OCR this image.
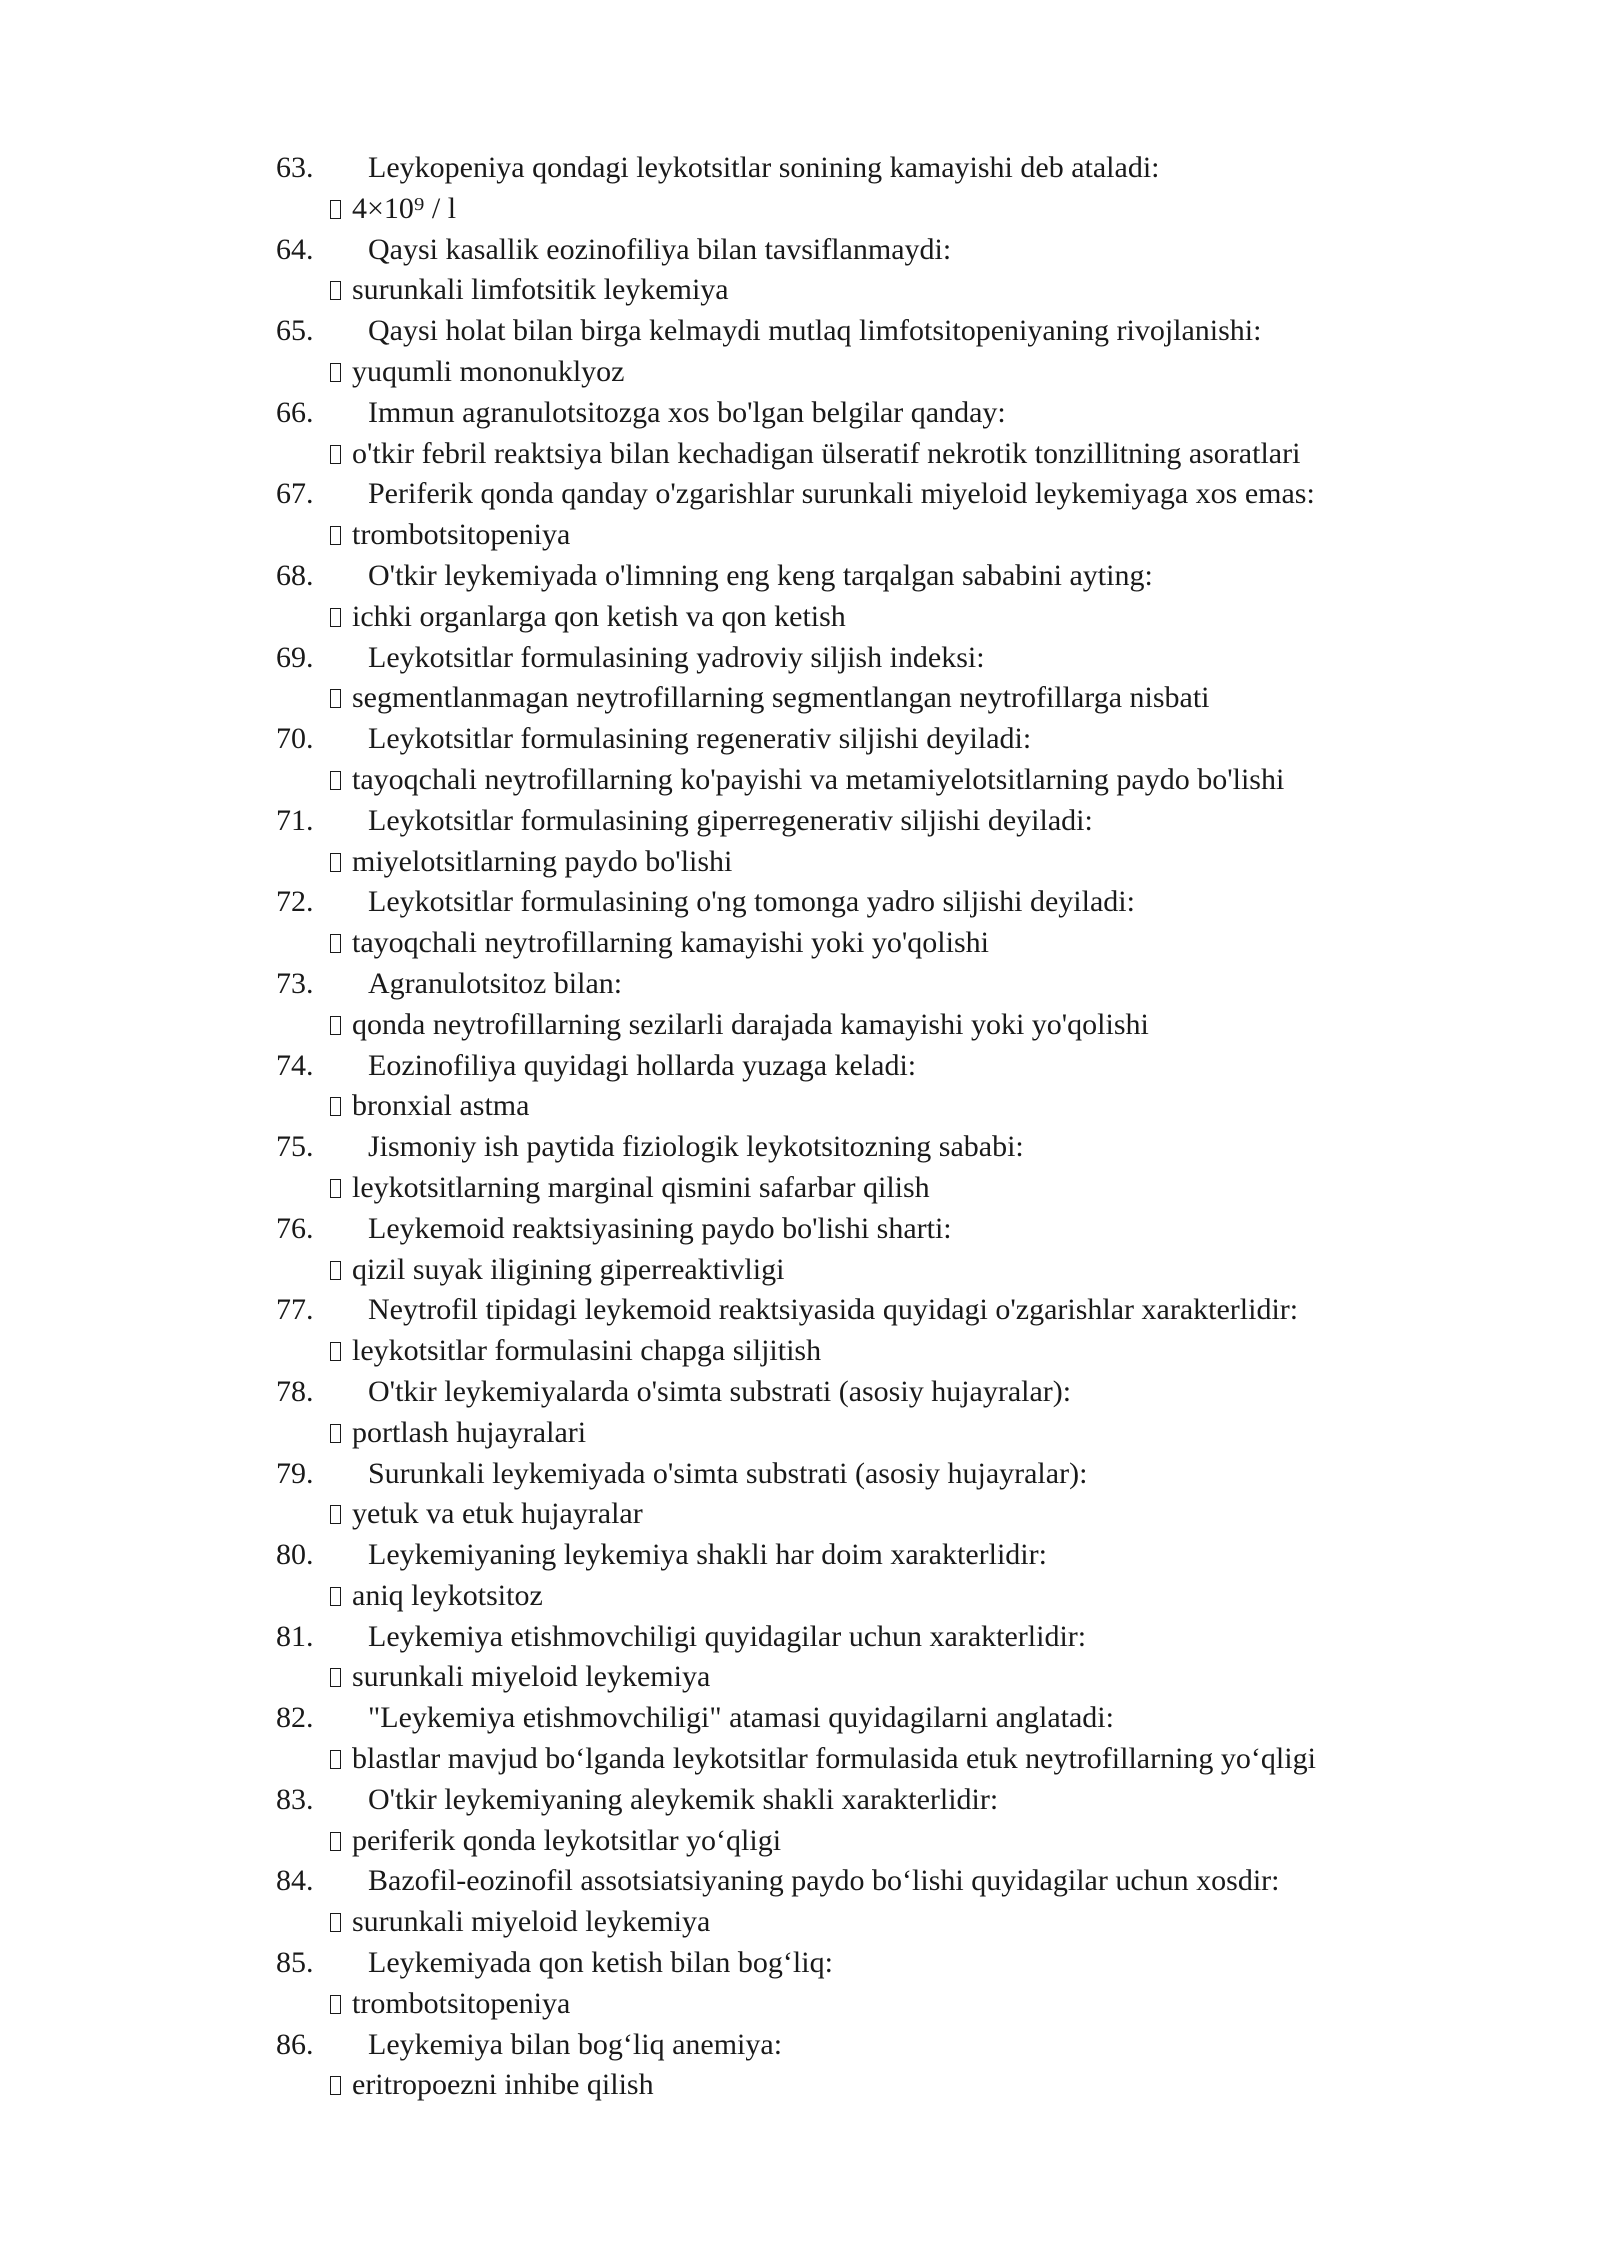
63.	Leykopeniya qondagi leykotsitlar sonining kamayishi deb ataladi:
4×10⁹ / l
64.	Qaysi kasallik eozinofiliya bilan tavsiflanmaydi:
surunkali limfotsitik leykemiya
65.	Qaysi holat bilan birga kelmaydi mutlaq limfotsitopeniyaning rivojlanishi:
yuqumli mononuklyoz
66.	Immun agranulotsitozga xos bo'lgan belgilar qanday:
o'tkir febril reaktsiya bilan kechadigan ülseratif nekrotik tonzillitning asoratlari
67.	Periferik qonda qanday o'zgarishlar surunkali miyeloid leykemiyaga xos emas:
trombotsitopeniya
68.	O'tkir leykemiyada o'limning eng keng tarqalgan sababini ayting:
ichki organlarga qon ketish va qon ketish
69.	Leykotsitlar formulasining yadroviy siljish indeksi:
segmentlanmagan neytrofillarning segmentlangan neytrofillarga nisbati
70.	Leykotsitlar formulasining regenerativ siljishi deyiladi:
tayoqchali neytrofillarning ko'payishi va metamiyelotsitlarning paydo bo'lishi
71.	Leykotsitlar formulasining giperregenerativ siljishi deyiladi:
miyelotsitlarning paydo bo'lishi
72.	Leykotsitlar formulasining o'ng tomonga yadro siljishi deyiladi:
tayoqchali neytrofillarning kamayishi yoki yo'qolishi
73.	Agranulotsitoz bilan:
qonda neytrofillarning sezilarli darajada kamayishi yoki yo'qolishi
74.	Eozinofiliya quyidagi hollarda yuzaga keladi:
bronxial astma
75.	Jismoniy ish paytida fiziologik leykotsitozning sababi:
leykotsitlarning marginal qismini safarbar qilish
76.	Leykemoid reaktsiyasining paydo bo'lishi sharti:
qizil suyak iligining giperreaktivligi
77.	Neytrofil tipidagi leykemoid reaktsiyasida quyidagi o'zgarishlar xarakterlidir:
leykotsitlar formulasini chapga siljitish
78.	O'tkir leykemiyalarda o'simta substrati (asosiy hujayralar):
portlash hujayralari
79.	Surunkali leykemiyada o'simta substrati (asosiy hujayralar):
yetuk va etuk hujayralar
80.	Leykemiyaning leykemiya shakli har doim xarakterlidir:
aniq leykotsitoz
81.	Leykemiya etishmovchiligi quyidagilar uchun xarakterlidir:
surunkali miyeloid leykemiya
82.	"Leykemiya etishmovchiligi" atamasi quyidagilarni anglatadi:
blastlar mavjud bo‘lganda leykotsitlar formulasida etuk neytrofillarning yo‘qligi
83.	O'tkir leykemiyaning aleykemik shakli xarakterlidir:
periferik qonda leykotsitlar yo‘qligi
84.	Bazofil-eozinofil assotsiatsiyaning paydo bo‘lishi quyidagilar uchun xosdir:
surunkali miyeloid leykemiya
85.	Leykemiyada qon ketish bilan bog‘liq:
trombotsitopeniya
86.	Leykemiya bilan bog‘liq anemiya:
eritropoezni inhibe qilish
